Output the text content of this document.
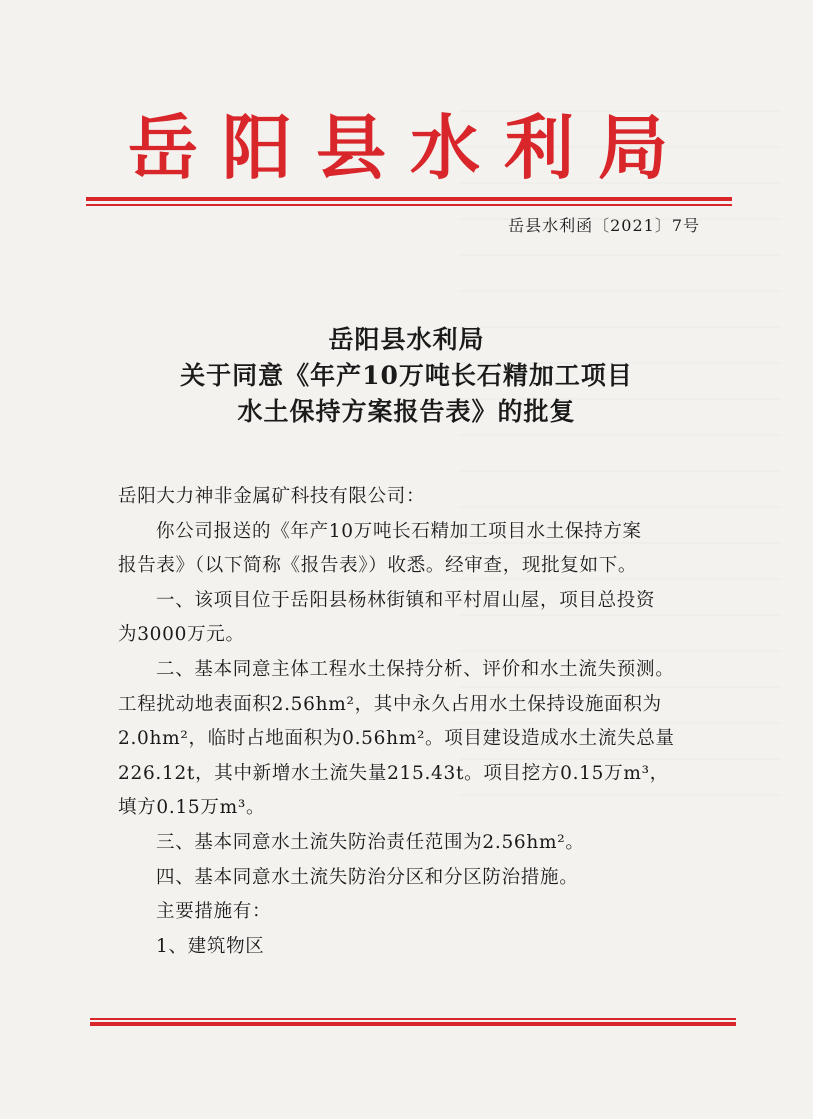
岳阳县水利局
岳县水利函〔2021〕7号
岳阳县水利局
关于同意《年产10万吨长石精加工项目
水土保持方案报告表》的批复

岳阳大力神非金属矿科技有限公司：

你公司报送的《年产10万吨长石精加工项目水土保持方案

报告表》（以下简称《报告表》）收悉。经审查，现批复如下。

一、该项目位于岳阳县杨林街镇和平村眉山屋，项目总投资

为3000万元。

二、基本同意主体工程水土保持分析、评价和水土流失预测。

工程扰动地表面积2.56hm²，其中永久占用水土保持设施面积为

2.0hm²，临时占地面积为0.56hm²。项目建设造成水土流失总量

226.12t，其中新增水土流失量215.43t。项目挖方0.15万m³，

填方0.15万m³。

三、基本同意水土流失防治责任范围为2.56hm²。

四、基本同意水土流失防治分区和分区防治措施。

主要措施有：

1、建筑物区
